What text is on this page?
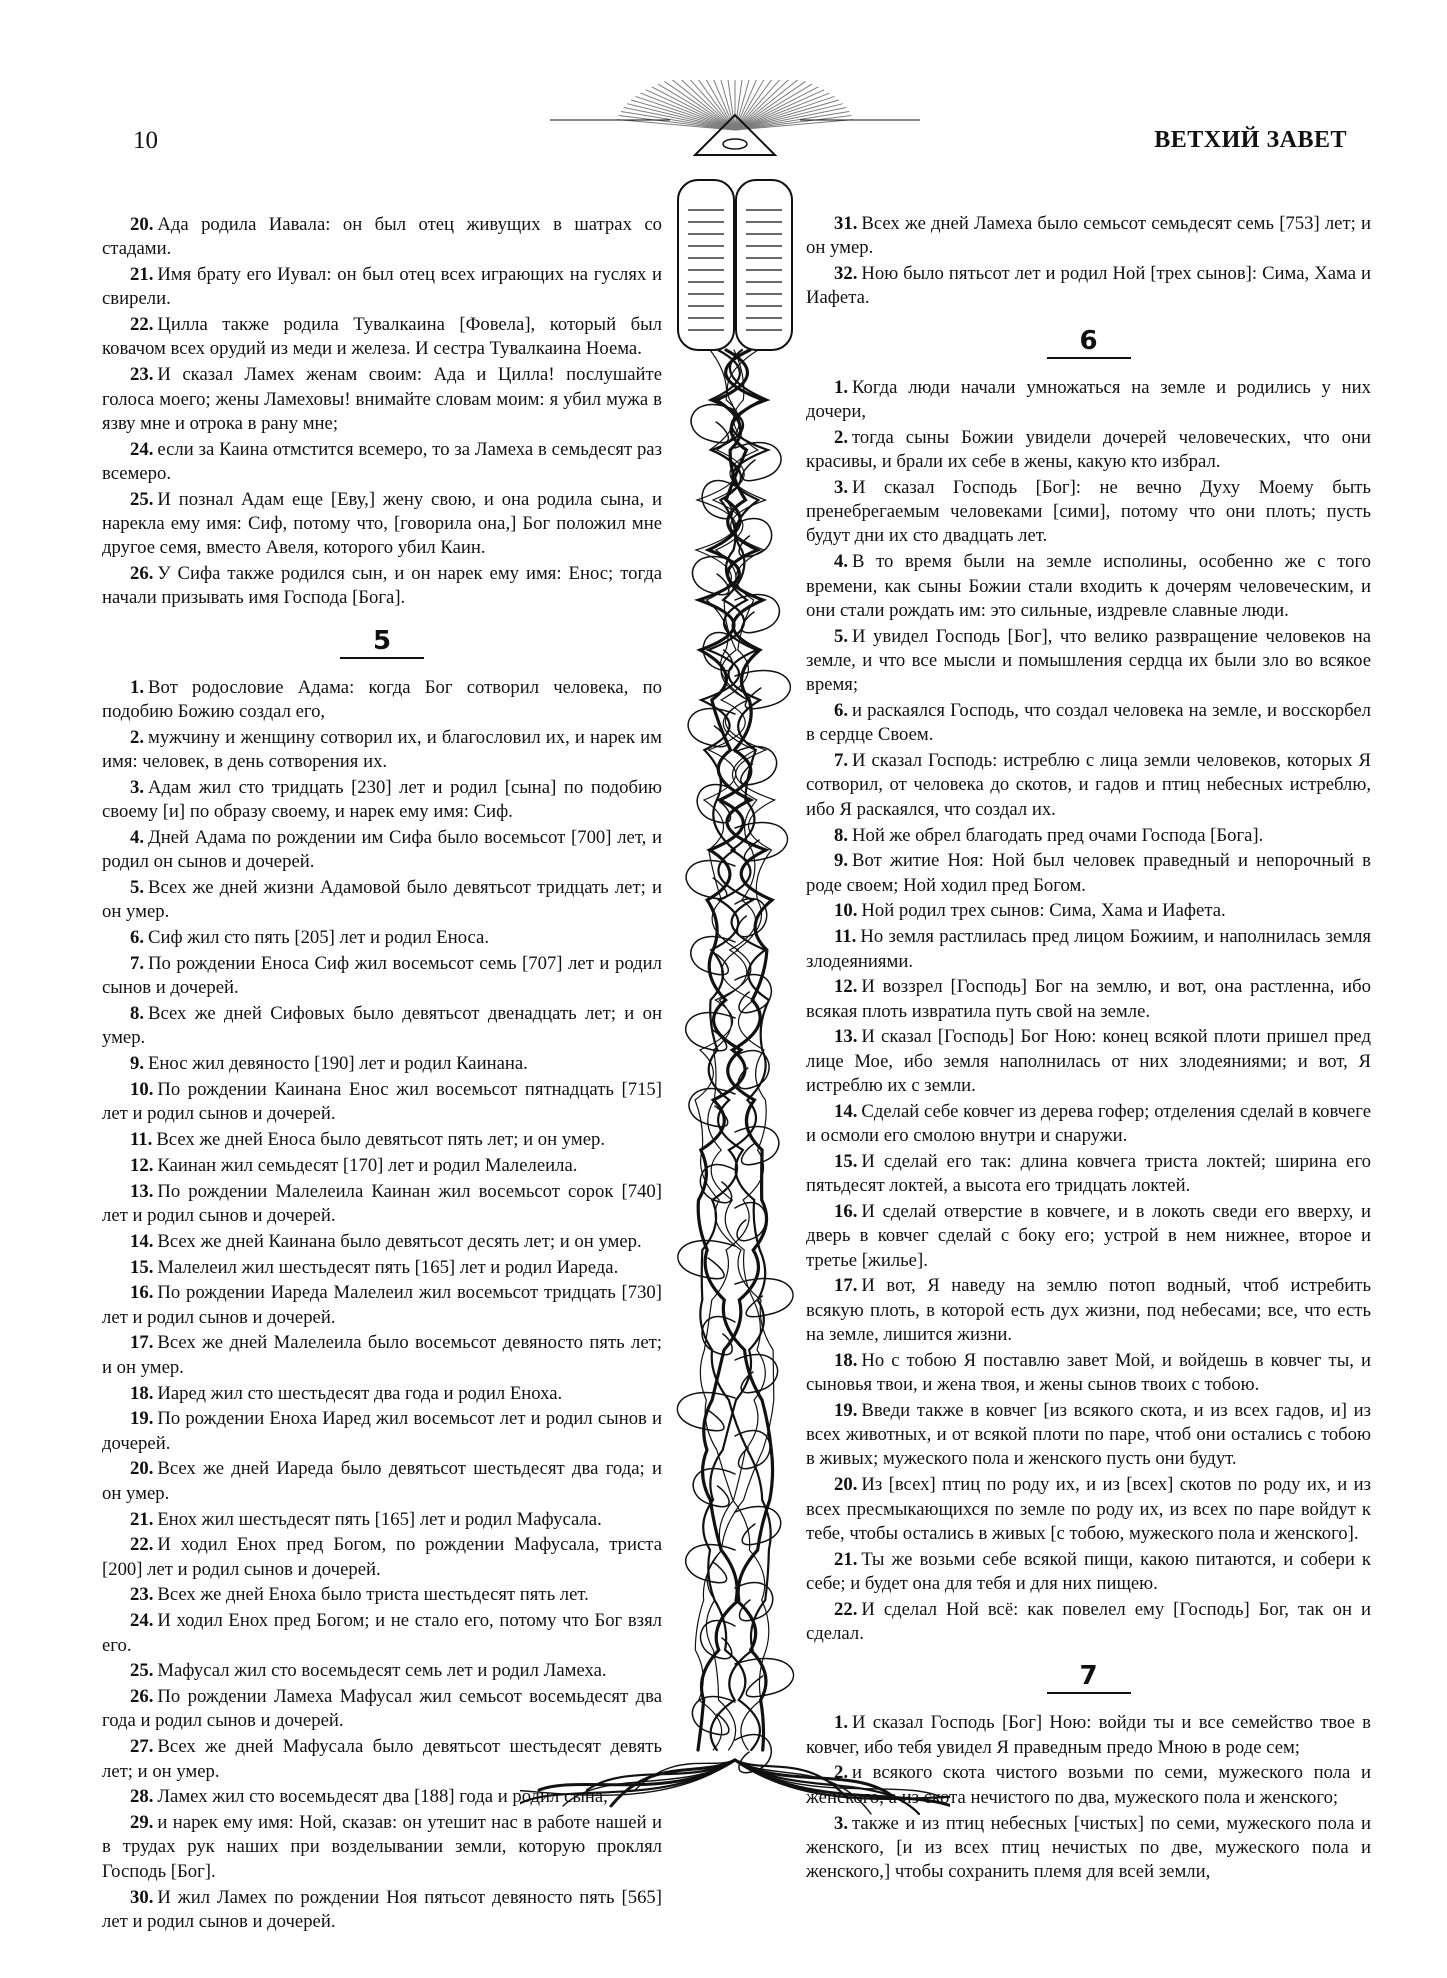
10	ВЕТХИЙ ЗАВЕТ

20. Ада родила Иавала: он был отец живущих в шатрах со стадами.

21. Имя брату его Иувал: он был отец всех играющих на гуслях и свирели.

22. Цилла также родила Тувалкаина [Фовела], который был ковачом всех орудий из меди и железа. И сестра Тувалкаина Ноема.

23. И сказал Ламех женам своим: Ада и Цилла! послушайте голоса моего; жены Ламеховы! внимайте словам моим: я убил мужа в язву мне и отрока в рану мне;

24. если за Каина отмстится всемеро, то за Ламеха в семьдесят раз всемеро.

25. И познал Адам еще [Еву,] жену свою, и она родила сына, и нарекла ему имя: Сиф, потому что, [говорила она,] Бог положил мне другое семя, вместо Авеля, которого убил Каин.

26. У Сифа также родился сын, и он нарек ему имя: Енос; тогда начали призывать имя Господа [Бога].

5

1. Вот родословие Адама: когда Бог сотворил человека, по подобию Божию создал его,

2. мужчину и женщину сотворил их, и благословил их, и нарек им имя: человек, в день сотворения их.

3. Адам жил сто тридцать [230] лет и родил [сына] по подобию своему [и] по образу своему, и нарек ему имя: Сиф.

4. Дней Адама по рождении им Сифа было восемьсот [700] лет, и родил он сынов и дочерей.

5. Всех же дней жизни Адамовой было девятьсот тридцать лет; и он умер.

6. Сиф жил сто пять [205] лет и родил Еноса.

7. По рождении Еноса Сиф жил восемьсот семь [707] лет и родил сынов и дочерей.

8. Всех же дней Сифовых было девятьсот двенадцать лет; и он умер.

9. Енос жил девяносто [190] лет и родил Каинана.

10. По рождении Каинана Енос жил восемьсот пятнадцать [715] лет и родил сынов и дочерей.

11. Всех же дней Еноса было девятьсот пять лет; и он умер.

12. Каинан жил семьдесят [170] лет и родил Малелеила.

13. По рождении Малелеила Каинан жил восемьсот сорок [740] лет и родил сынов и дочерей.

14. Всех же дней Каинана было девятьсот десять лет; и он умер.

15. Малелеил жил шестьдесят пять [165] лет и родил Иареда.

16. По рождении Иареда Малелеил жил восемьсот тридцать [730] лет и родил сынов и дочерей.

17. Всех же дней Малелеила было восемьсот девяносто пять лет; и он умер.

18. Иаред жил сто шестьдесят два года и родил Еноха.

19. По рождении Еноха Иаред жил восемьсот лет и родил сынов и дочерей.

20. Всех же дней Иареда было девятьсот шестьдесят два года; и он умер.

21. Енох жил шестьдесят пять [165] лет и родил Мафусала.

22. И ходил Енох пред Богом, по рождении Мафусала, триста [200] лет и родил сынов и дочерей.

23. Всех же дней Еноха было триста шестьдесят пять лет.

24. И ходил Енох пред Богом; и не стало его, потому что Бог взял его.

25. Мафусал жил сто восемьдесят семь лет и родил Ламеха.

26. По рождении Ламеха Мафусал жил семьсот восемьдесят два года и родил сынов и дочерей.

27. Всех же дней Мафусала было девятьсот шестьдесят девять лет; и он умер.

28. Ламех жил сто восемьдесят два [188] года и родил сына,

29. и нарек ему имя: Ной, сказав: он утешит нас в работе нашей и в трудах рук наших при возделывании земли, которую проклял Господь [Бог].

30. И жил Ламех по рождении Ноя пятьсот девяносто пять [565] лет и родил сынов и дочерей.

31. Всех же дней Ламеха было семьсот семьдесят семь [753] лет; и он умер.

32. Ною было пятьсот лет и родил Ной [трех сынов]: Сима, Хама и Иафета.

6

1. Когда люди начали умножаться на земле и родились у них дочери,

2. тогда сыны Божии увидели дочерей человеческих, что они красивы, и брали их себе в жены, какую кто избрал.

3. И сказал Господь [Бог]: не вечно Духу Моему быть пренебрегаемым человеками [сими], потому что они плоть; пусть будут дни их сто двадцать лет.

4. В то время были на земле исполины, особенно же с того времени, как сыны Божии стали входить к дочерям человеческим, и они стали рождать им: это сильные, издревле славные люди.

5. И увидел Господь [Бог], что велико развращение человеков на земле, и что все мысли и помышления сердца их были зло во всякое время;

6. и раскаялся Господь, что создал человека на земле, и восскорбел в сердце Своем.

7. И сказал Господь: истреблю с лица земли человеков, которых Я сотворил, от человека до скотов, и гадов и птиц небесных истреблю, ибо Я раскаялся, что создал их.

8. Ной же обрел благодать пред очами Господа [Бога].

9. Вот житие Ноя: Ной был человек праведный и непорочный в роде своем; Ной ходил пред Богом.

10. Ной родил трех сынов: Сима, Хама и Иафета.

11. Но земля растлилась пред лицом Божиим, и наполнилась земля злодеяниями.

12. И воззрел [Господь] Бог на землю, и вот, она растленна, ибо всякая плоть извратила путь свой на земле.

13. И сказал [Господь] Бог Ною: конец всякой плоти пришел пред лице Мое, ибо земля наполнилась от них злодеяниями; и вот, Я истреблю их с земли.

14. Сделай себе ковчег из дерева гофер; отделения сделай в ковчеге и осмоли его смолою внутри и снаружи.

15. И сделай его так: длина ковчега триста локтей; ширина его пятьдесят локтей, а высота его тридцать локтей.

16. И сделай отверстие в ковчеге, и в локоть сведи его вверху, и дверь в ковчег сделай с боку его; устрой в нем нижнее, второе и третье [жилье].

17. И вот, Я наведу на землю потоп водный, чтоб истребить всякую плоть, в которой есть дух жизни, под небесами; все, что есть на земле, лишится жизни.

18. Но с тобою Я поставлю завет Мой, и войдешь в ковчег ты, и сыновья твои, и жена твоя, и жены сынов твоих с тобою.

19. Введи также в ковчег [из всякого скота, и из всех гадов, и] из всех животных, и от всякой плоти по паре, чтоб они остались с тобою в живых; мужеского пола и женского пусть они будут.

20. Из [всех] птиц по роду их, и из [всех] скотов по роду их, и из всех пресмыкающихся по земле по роду их, из всех по паре войдут к тебе, чтобы остались в живых [с тобою, мужеского пола и женского].

21. Ты же возьми себе всякой пищи, какою питаются, и собери к себе; и будет она для тебя и для них пищею.

22. И сделал Ной всё: как повелел ему [Господь] Бог, так он и сделал.

7

1. И сказал Господь [Бог] Ною: войди ты и все семейство твое в ковчег, ибо тебя увидел Я праведным предо Мною в роде сем;

2. и всякого скота чистого возьми по семи, мужеского пола и женского, а из скота нечистого по два, мужеского пола и женского;

3. также и из птиц небесных [чистых] по семи, мужеского пола и женского, [и из всех птиц нечистых по две, мужеского пола и женского,] чтобы сохранить племя для всей земли,
